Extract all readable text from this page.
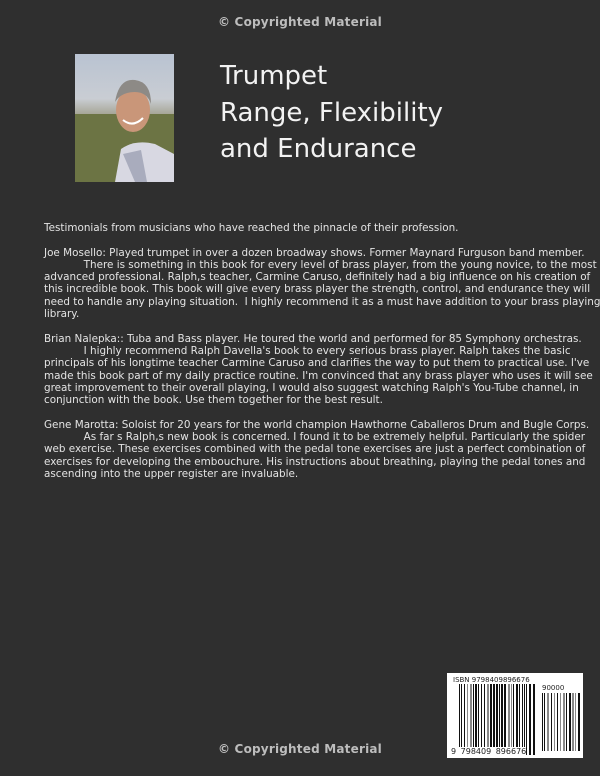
© Copyrighted Material
Trumpet
Range, Flexibility
and Endurance

Testimonials from musicians who have reached the pinnacle of their profession.

Joe Mosello: Played trumpet in over a dozen broadway shows. Former Maynard Furguson band member.
There is something in this book for every level of brass player, from the young novice, to the most
advanced professional. Ralph,s teacher, Carmine Caruso, definitely had a big influence on his creation of
this incredible book. This book will give every brass player the strength, control, and endurance they will
need to handle any playing situation.  I highly recommend it as a must have addition to your brass playing
library.

Brian Nalepka:: Tuba and Bass player. He toured the world and performed for 85 Symphony orchestras.
I highly recommend Ralph Davella's book to every serious brass player. Ralph takes the basic
principals of his longtime teacher Carmine Caruso and clarifies the way to put them to practical use. I've
made this book part of my daily practice routine. I'm convinced that any brass player who uses it will see
great improvement to their overall playing, I would also suggest watching Ralph's You-Tube channel, in
conjunction with the book. Use them together for the best result.

Gene Marotta: Soloist for 20 years for the world champion Hawthorne Caballeros Drum and Bugle Corps.
As far s Ralph,s new book is concerned. I found it to be extremely helpful. Particularly the spider
web exercise. These exercises combined with the pedal tone exercises are just a perfect combination of
exercises for developing the embouchure. His instructions about breathing, playing the pedal tones and
ascending into the upper register are invaluable.

ISBN 9798409896676
90000
9 798409 896676
© Copyrighted Material
